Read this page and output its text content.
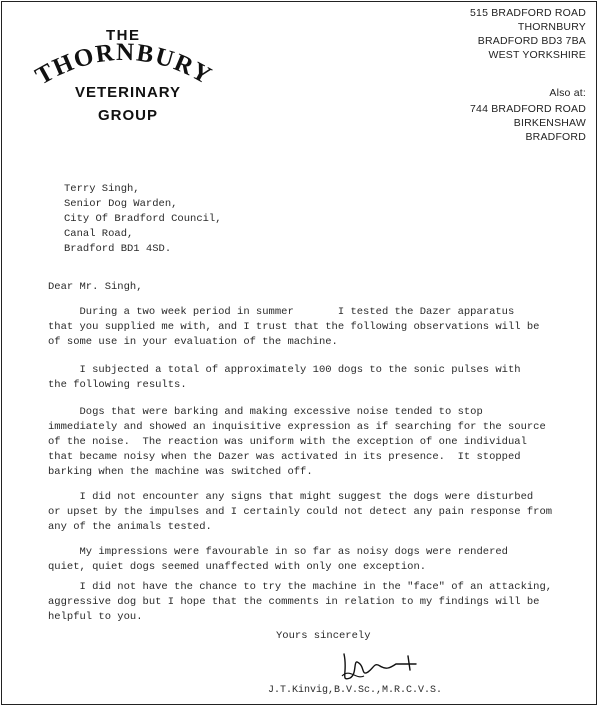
THE
THORNBURY
VETERINARY
GROUP
515 BRADFORD ROAD
THORNBURY
BRADFORD BD3 7BA
WEST YORKSHIRE
Also at:
744 BRADFORD ROAD
BIRKENSHAW
BRADFORD
Terry Singh,
Senior Dog Warden,
City Of Bradford Council,
Canal Road,
Bradford BD1 4SD.
Dear Mr. Singh,
During a two week period in summer       I tested the Dazer apparatus
that you supplied me with, and I trust that the following observations will be
of some use in your evaluation of the machine.
I subjected a total of approximately 100 dogs to the sonic pulses with
the following results.
Dogs that were barking and making excessive noise tended to stop
immediately and showed an inquisitive expression as if searching for the source
of the noise.  The reaction was uniform with the exception of one individual
that became noisy when the Dazer was activated in its presence.  It stopped
barking when the machine was switched off.
I did not encounter any signs that might suggest the dogs were disturbed
or upset by the impulses and I certainly could not detect any pain response from
any of the animals tested.
My impressions were favourable in so far as noisy dogs were rendered
quiet, quiet dogs seemed unaffected with only one exception.
I did not have the chance to try the machine in the "face" of an attacking,
aggressive dog but I hope that the comments in relation to my findings will be
helpful to you.
Yours sincerely
J.T.Kinvig,B.V.Sc.,M.R.C.V.S.
